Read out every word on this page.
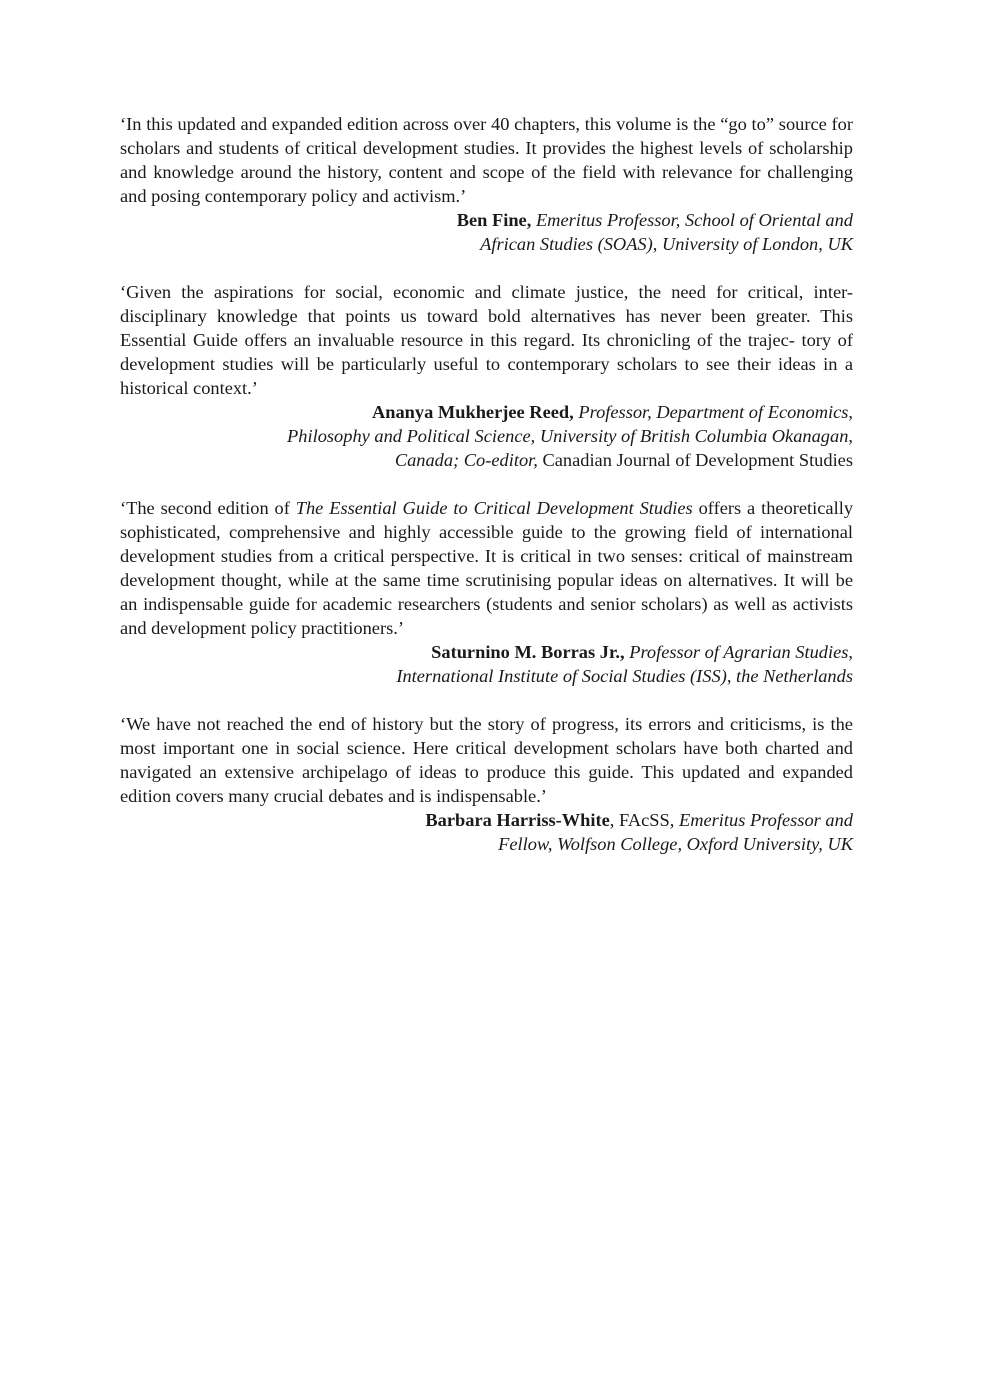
‘In this updated and expanded edition across over 40 chapters, this volume is the “go to” source for scholars and students of critical development studies. It provides the highest levels of scholarship and knowledge around the history, content and scope of the field with relevance for challenging and posing contemporary policy and activism.’

Ben Fine, Emeritus Professor, School of Oriental and
African Studies (SOAS), University of London, UK

‘Given the aspirations for social, economic and climate justice, the need for critical, inter- disciplinary knowledge that points us toward bold alternatives has never been greater. This Essential Guide offers an invaluable resource in this regard. Its chronicling of the trajec- tory of development studies will be particularly useful to contemporary scholars to see their ideas in a historical context.’

Ananya Mukherjee Reed, Professor, Department of Economics,
Philosophy and Political Science, University of British Columbia Okanagan,
Canada; Co-editor, Canadian Journal of Development Studies

‘The second edition of The Essential Guide to Critical Development Studies offers a theoretically sophisticated, comprehensive and highly accessible guide to the growing field of international development studies from a critical perspective. It is critical in two senses: critical of mainstream development thought, while at the same time scrutinising popular ideas on alternatives. It will be an indispensable guide for academic researchers (students and senior scholars) as well as activists and development policy practitioners.’

Saturnino M. Borras Jr., Professor of Agrarian Studies,
International Institute of Social Studies (ISS), the Netherlands

‘We have not reached the end of history but the story of progress, its errors and criticisms, is the most important one in social science. Here critical development scholars have both charted and navigated an extensive archipelago of ideas to produce this guide. This updated and expanded edition covers many crucial debates and is indispensable.’

Barbara Harriss-White, FAcSS, Emeritus Professor and
Fellow, Wolfson College, Oxford University, UK
